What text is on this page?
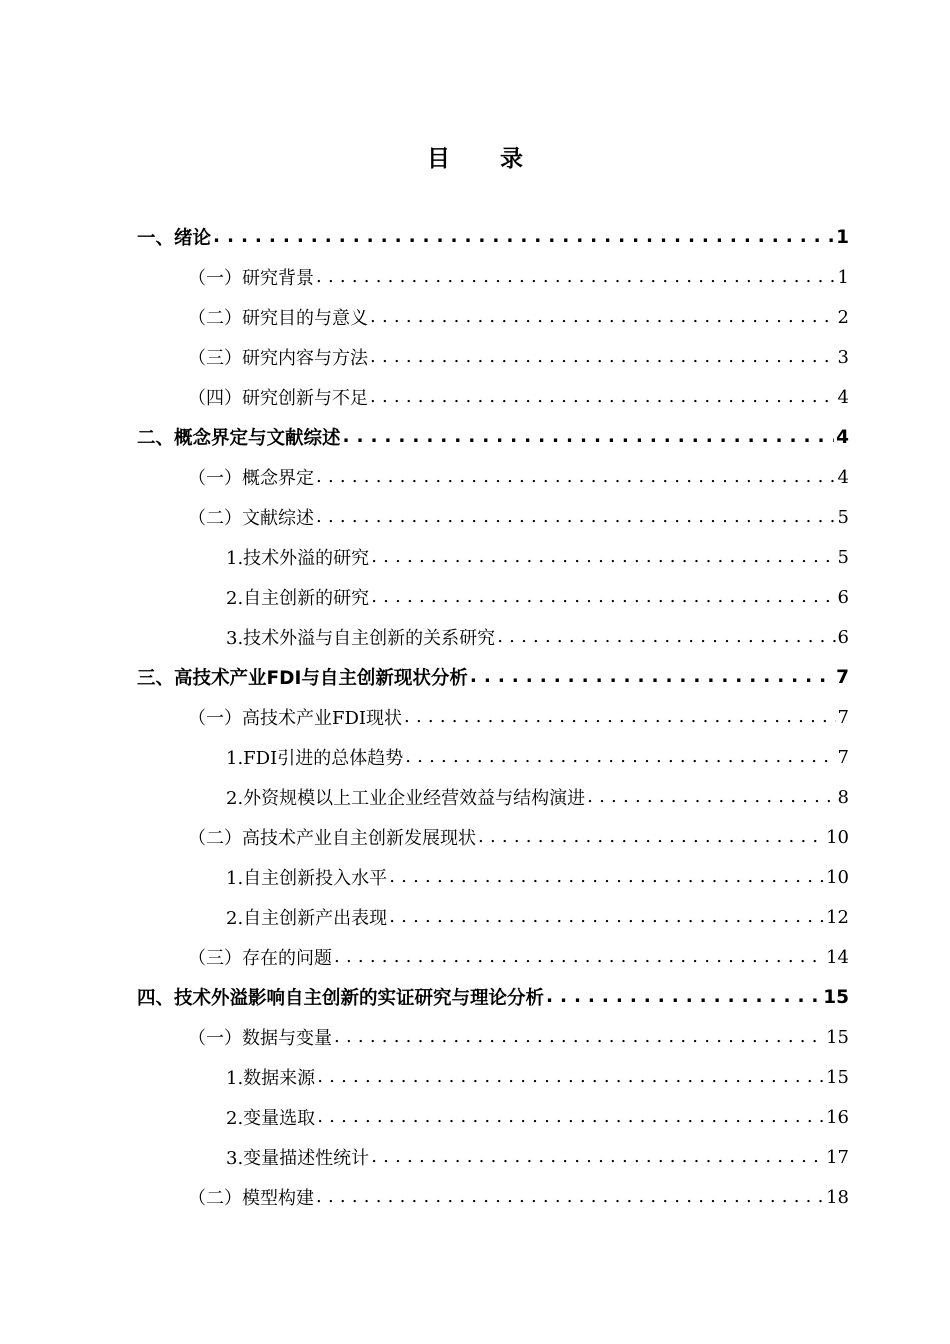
目 录
一、绪论 . . .	1
（一）研究背景 . . .	1
（二）研究目的与意义 . . .	2
（三）研究内容与方法 . . .	3
（四）研究创新与不足 . . .	4
二、概念界定与文献综述 . . .	4
（一）概念界定 . . .	4
（二）文献综述 . . .	5
1.技术外溢的研究 . . .	5
2.自主创新的研究 . . .	6
3.技术外溢与自主创新的关系研究 . . .	6
三、高技术产业FDI与自主创新现状分析 . . .	7
（一）高技术产业FDI现状 . . .	7
1.FDI引进的总体趋势 . . .	7
2.外资规模以上工业企业经营效益与结构演进 . . .	8
（二）高技术产业自主创新发展现状 . . .	10
1.自主创新投入水平 . . .	10
2.自主创新产出表现 . . .	12
（三）存在的问题 . . .	14
四、技术外溢影响自主创新的实证研究与理论分析 . . .	15
（一）数据与变量 . . .	15
1.数据来源 . . .	15
2.变量选取 . . .	16
3.变量描述性统计 . . .	17
（二）模型构建 . . .	18
